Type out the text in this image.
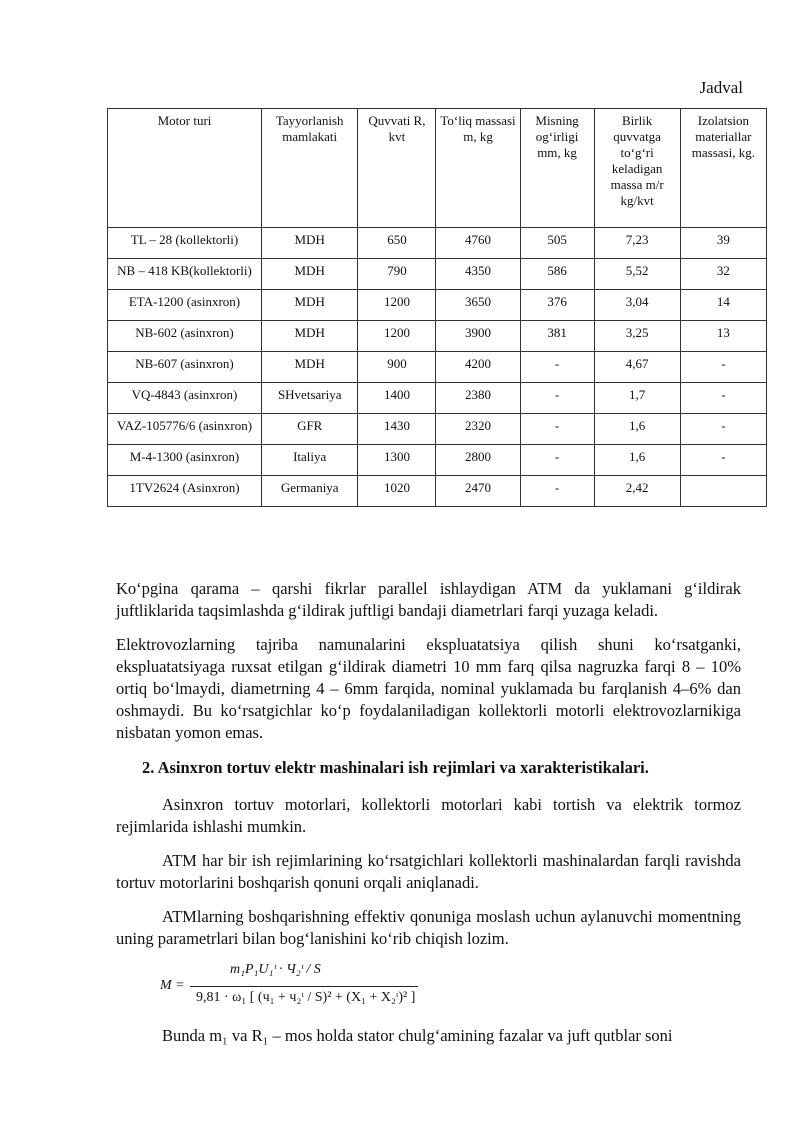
Jadval
Motor turi	Tayyorlanish mamlakati	Quvvati R, kvt	To‘liq massasi m, kg	Misning og‘irligi mm, kg	Birlik quvvatga to‘g‘ri keladigan massa m/r kg/kvt	Izolatsion materiallar massasi, kg.
TL – 28 (kollektorli)	MDH	650	4760	505	7,23	39
NB – 418 KB(kollektorli)	MDH	790	4350	586	5,52	32
ETA-1200 (asinxron)	MDH	1200	3650	376	3,04	14
NB-602 (asinxron)	MDH	1200	3900	381	3,25	13
NB-607 (asinxron)	MDH	900	4200	-	4,67	-
VQ-4843 (asinxron)	SHvetsariya	1400	2380	-	1,7	-
VAZ-105776/6 (asinxron)	GFR	1430	2320	-	1,6	-
M-4-1300 (asinxron)	Italiya	1300	2800	-	1,6	-
1TV2624 (Asinxron)	Germaniya	1020	2470	-	2,42	

Ko‘pgina qarama – qarshi fikrlar parallel ishlaydigan ATM da yuklamani g‘ildirak juftliklarida taqsimlashda g‘ildirak juftligi bandaji diametrlari farqi yuzaga keladi.

Elektrovozlarning tajriba namunalarini ekspluatatsiya qilish shuni ko‘rsatganki, ekspluatatsiyaga ruxsat etilgan g‘ildirak diametri 10 mm farq qilsa nagruzka farqi 8 – 10% ortiq bo‘lmaydi, diametrning 4 – 6mm farqida, nominal yuklamada bu farqlanish 4–6% dan oshmaydi. Bu ko‘rsatgichlar ko‘p foydalaniladigan kollektorli motorli elektrovozlarnikiga nisbatan yomon emas.

2. Asinxron tortuv elektr mashinalari ish rejimlari va xarakteristikalari.

Asinxron tortuv motorlari, kollektorli motorlari kabi tortish va elektrik tormoz rejimlarida ishlashi mumkin.

ATM har bir ish rejimlarining ko‘rsatgichlari kollektorli mashinalardan farqli ravishda tortuv motorlarini boshqarish qonuni orqali aniqlanadi.

ATMlarning boshqarishning effektiv qonuniga moslash uchun aylanuvchi momentning uning parametrlari bilan bog‘lanishini ko‘rib chiqish lozim.

M =
m₁P₁U₁ᶥ · Ч₂ᶥ / S
9,81 · ω₁ [ (ч₁ + ч₂ᶥ / S)² + (X₁ + X₂ᶥ)² ]

Bunda m₁ va R₁ – mos holda stator chulg‘amining fazalar va juft qutblar soni
